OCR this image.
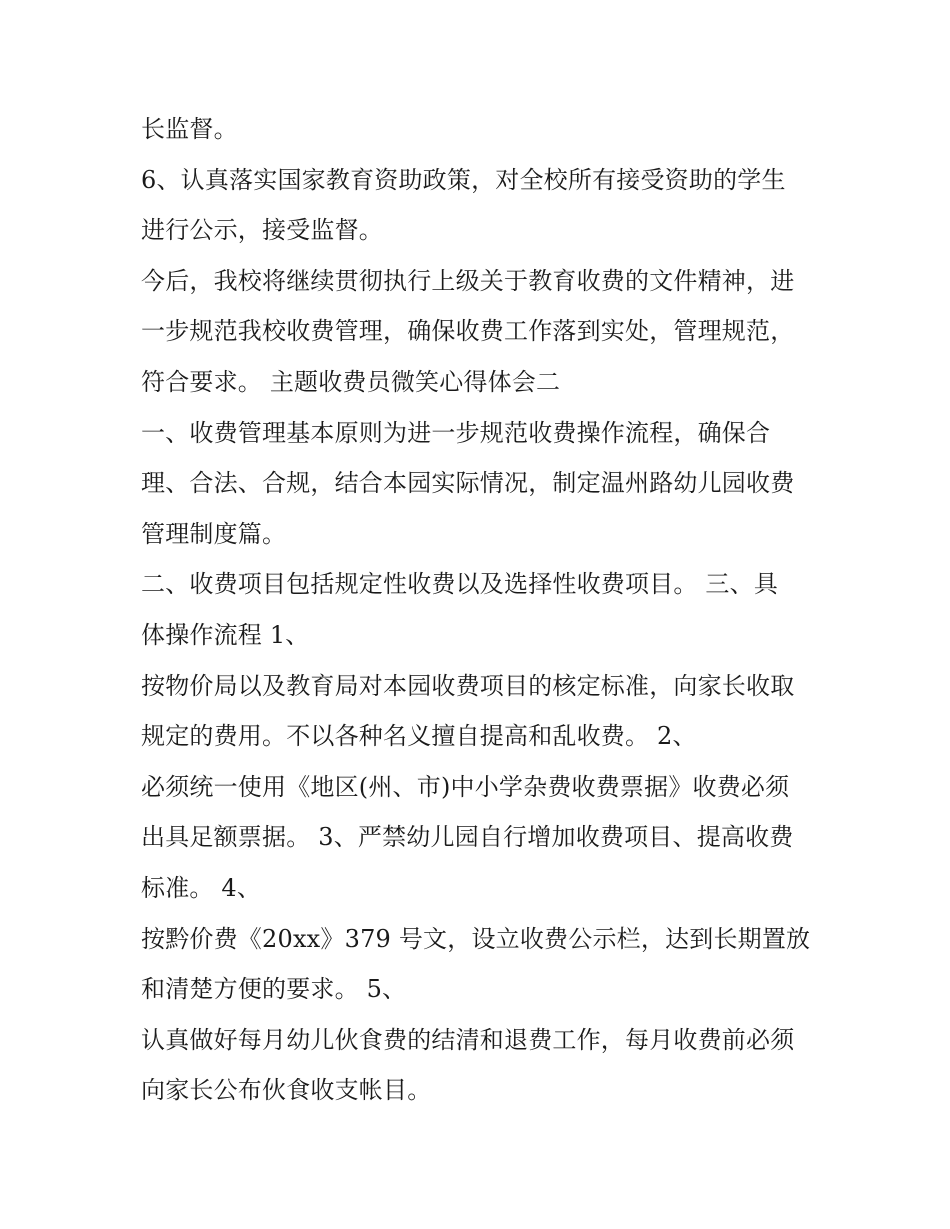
长监督。
6、认真落实国家教育资助政策，对全校所有接受资助的学生
进行公示，接受监督。
今后，我校将继续贯彻执行上级关于教育收费的文件精神，进
一步规范我校收费管理，确保收费工作落到实处，管理规范，
符合要求。 主题收费员微笑心得体会二
一、收费管理基本原则为进一步规范收费操作流程，确保合
理、合法、合规，结合本园实际情况，制定温州路幼儿园收费
管理制度篇。
二、收费项目包括规定性收费以及选择性收费项目。 三、具
体操作流程 1、
按物价局以及教育局对本园收费项目的核定标准，向家长收取
规定的费用。不以各种名义擅自提高和乱收费。 2、
必须统一使用《地区(州、市)中小学杂费收费票据》收费必须
出具足额票据。 3、严禁幼儿园自行增加收费项目、提高收费
标准。 4、
按黔价费《20xx》379 号文，设立收费公示栏，达到长期置放
和清楚方便的要求。 5、
认真做好每月幼儿伙食费的结清和退费工作，每月收费前必须
向家长公布伙食收支帐目。
